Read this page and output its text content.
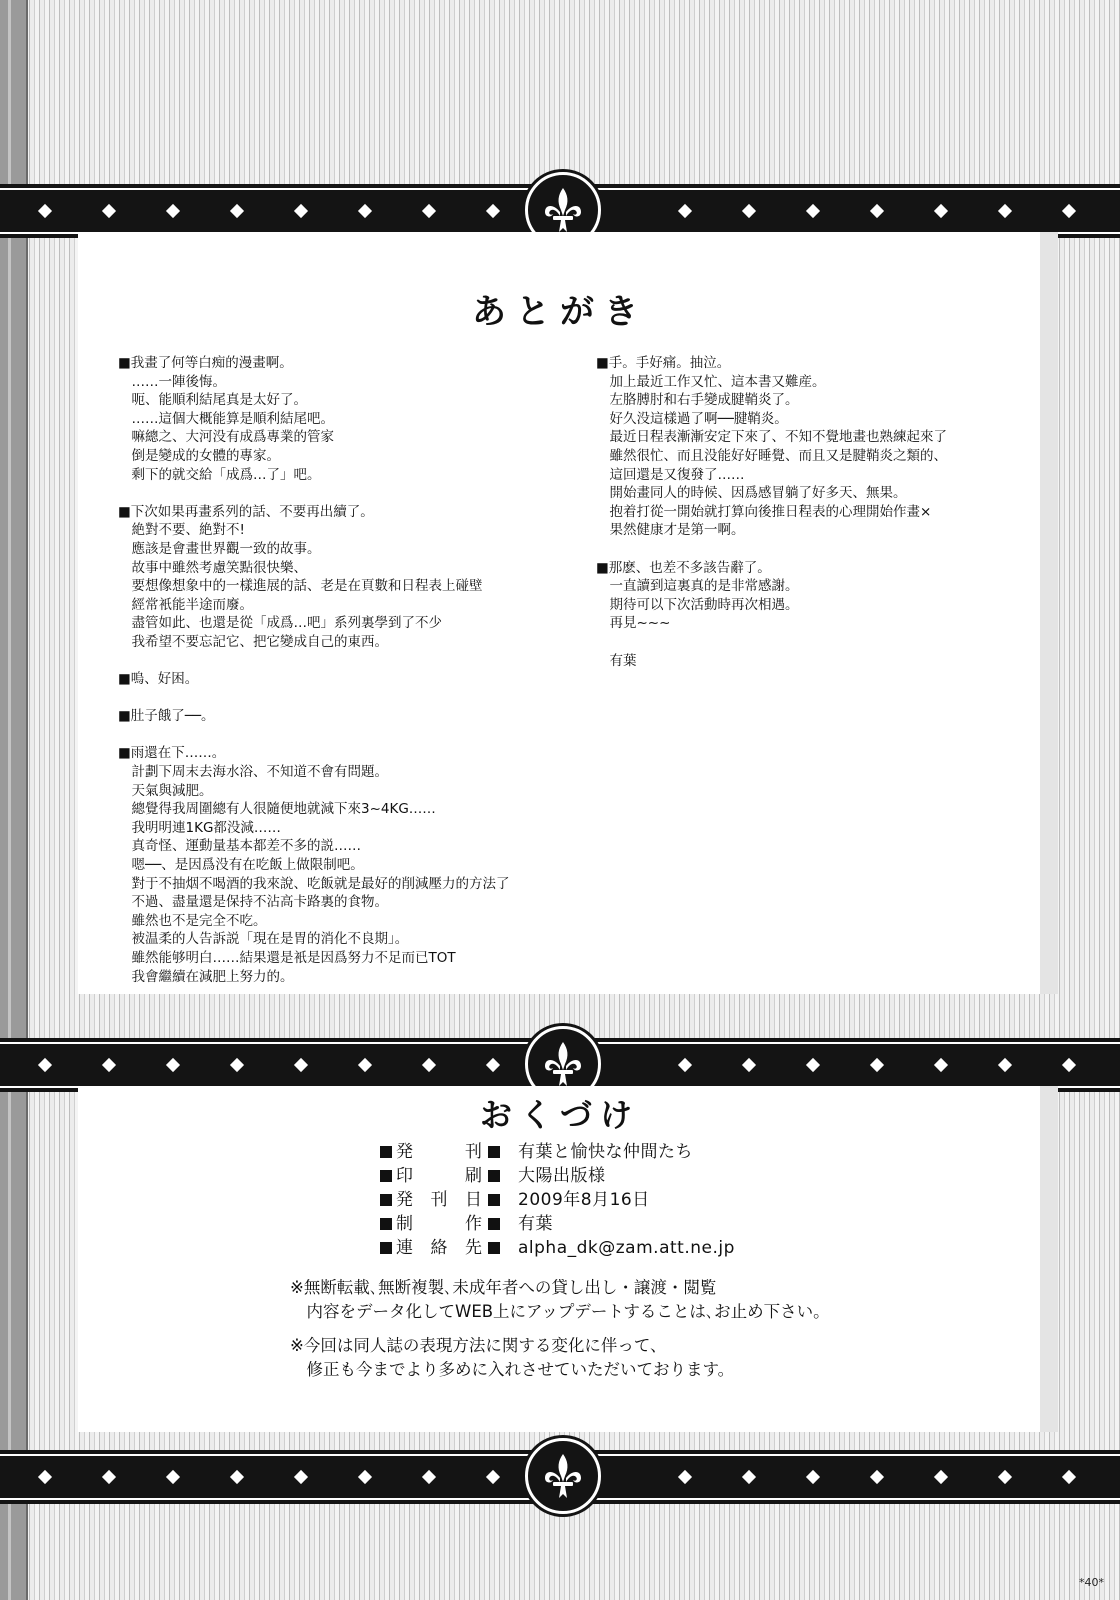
あとがき

■我畫了何等白痴的漫畫啊。

　……一陣後悔。

　呃、能順利結尾真是太好了。

　……這個大概能算是順利結尾吧。

　嘛總之、大河没有成爲專業的管家

　倒是變成的女體的專家。

　剩下的就交給「成爲…了」吧。

■下次如果再畫系列的話、不要再出續了。

　絶對不要、絶對不!

　應該是會畫世界觀一致的故事。

　故事中雖然考慮笑點很快樂、

　要想像想象中的一樣進展的話、老是在頁數和日程表上碰壁

　經常衹能半途而廢。

　盡管如此、也還是從「成爲…吧」系列裏學到了不少

　我希望不要忘記它、把它變成自己的東西。

■嗚、好困。

■肚子餓了──。

■雨還在下……。

　計劃下周末去海水浴、不知道不會有問題。

　天氣與減肥。

　總覺得我周圍總有人很隨便地就減下來3~4KG……

　我明明連1KG都没減……

　真奇怪、運動量基本都差不多的説……

　嗯──、是因爲没有在吃飯上做限制吧。

　對于不抽烟不喝酒的我來說、吃飯就是最好的削減壓力的方法了

　不過、盡量還是保持不沾高卡路裏的食物。

　雖然也不是完全不吃。

　被温柔的人告訴説「現在是胃的消化不良期」。

　雖然能够明白……結果還是衹是因爲努力不足而已TOT

　我會繼續在減肥上努力的。

■手。手好痛。抽泣。

　加上最近工作又忙、這本書又難産。

　左胳膊肘和右手變成腱鞘炎了。

　好久没這樣過了啊──腱鞘炎。

　最近日程表漸漸安定下來了、不知不覺地畫也熟練起來了

　雖然很忙、而且没能好好睡覺、而且又是腱鞘炎之類的、

　這回還是又復發了……

　開始畫同人的時候、因爲感冒躺了好多天、無果。

　抱着打從一開始就打算向後推日程表的心理開始作畫×

　果然健康才是第一啊。

■那麽、也差不多該告辭了。

　一直讀到這裏真的是非常感謝。

　期待可以下次活動時再次相遇。

　再見~~~

　有葉

おくづけ
発 刊 有葉と愉快な仲間たち
印 刷 大陽出版様
発刊日 2009年8月16日
制 作 有葉
連絡先 alpha_dk@zam.att.ne.jp
※無断転載､無断複製､未成年者への貸し出し・譲渡・閲覧
　内容をデータ化してWEB上にアップデートすることは､お止め下さい。
※今回は同人誌の表現方法に関する変化に伴って、
　修正も今までより多めに入れさせていただいております。
*40*
